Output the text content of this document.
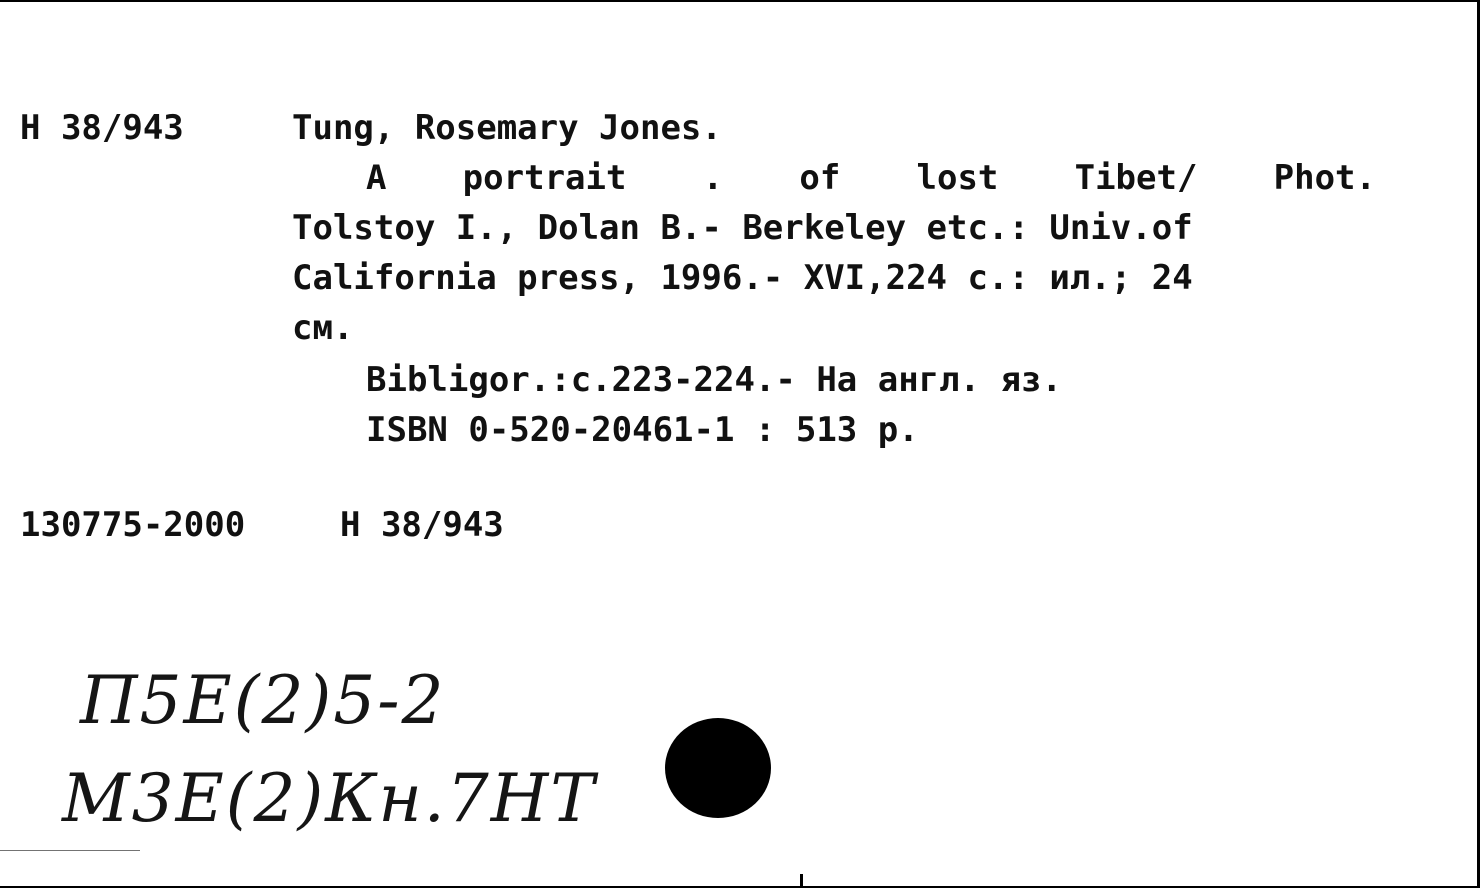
H 38/943	Tung, Rosemary Jones.
A portrait . of lost Tibet/ Phot.
Tolstoy I., Dolan B.- Berkeley etc.: Univ.of
California press, 1996.- XVI,224 c.: ил.; 24
см.
Bibligor.:c.223-224.- На англ. яз.
ISBN 0-520-20461-1 : 513 p.
130775-2000	H 38/943
П5Е(2)5-2
М3Е(2)Кн.7НТ
